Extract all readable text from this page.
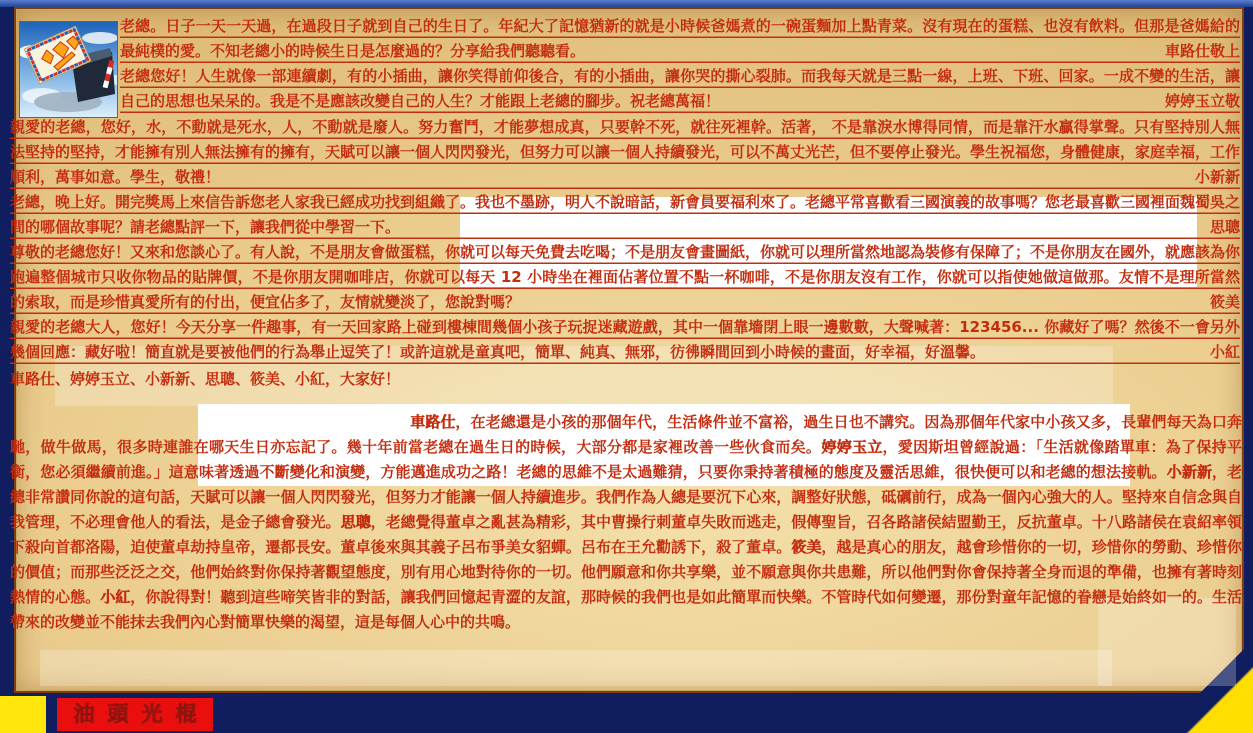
老總。日子一天一天過，在過段日子就到自己的生日了。年紀大了記憶猶新的就是小時候爸媽煮的一碗蛋麵加上點青菜。沒有現在的蛋糕、也沒有飲料。但那是爸媽給的最純樸的愛。不知老總小的時候生日是怎麼過的？分享給我們聽聽看。	車路仕敬上
老總您好！人生就像一部連續劇，有的小插曲，讓你笑得前仰後合，有的小插曲，讓你哭的撕心裂肺。而我每天就是三點一線，上班、下班、回家。一成不變的生活，讓自己的思想也呆呆的。我是不是應該改變自己的人生？才能跟上老總的腳步。祝老總萬福！	婷婷玉立敬
親愛的老總，您好，水，不動就是死水，人，不動就是廢人。努力奮鬥，才能夢想成真，只要幹不死，就往死裡幹。活著， 不是靠淚水博得同情，而是靠汗水贏得掌聲。只有堅持別人無法堅持的堅持，才能擁有別人無法擁有的擁有，天賦可以讓一個人閃閃發光，但努力可以讓一個人持續發光，可以不萬丈光芒，但不要停止發光。學生祝福您，身體健康，家庭幸福，工作順利，萬事如意。學生，敬禮！	小新新
老總，晚上好。開完獎馬上來信告訴您老人家我已經成功找到組織了。我也不墨跡，明人不說暗話，新會員要福利來了。老總平常喜歡看三國演義的故事嗎？您老最喜歡三國裡面魏蜀吳之間的哪個故事呢？請老總點評一下，讓我們從中學習一下。	思聰
尊敬的老總您好！又來和您談心了。有人說，不是朋友會做蛋糕，你就可以每天免費去吃喝；不是朋友會畫圖紙，你就可以理所當然地認為裝修有保障了；不是你朋友在國外，就應該為你跑遍整個城市只收你物品的貼牌價，不是你朋友開咖啡店，你就可以每天 12 小時坐在裡面佔著位置不點一杯咖啡，不是你朋友沒有工作，你就可以指使她做這做那。友情不是理所當然的索取，而是珍惜真愛所有的付出，便宜佔多了，友情就變淡了，您說對嗎？	筱美
親愛的老總大人，您好！今天分享一件趣事，有一天回家路上碰到樓棟間幾個小孩子玩捉迷藏遊戲，其中一個靠墻閉上眼一邊數數，大聲喊著：123456... 你藏好了嗎？然後不一會另外幾個回應：藏好啦！簡直就是要被他們的行為舉止逗笑了！或許這就是童真吧，簡單、純真、無邪，彷彿瞬間回到小時候的畫面，好幸福，好溫馨。	小紅
車路仕、婷婷玉立、小新新、思聰、筱美、小紅，大家好！
車路仕，在老總還是小孩的那個年代，生活條件並不富裕，過生日也不講究。因為那個年代家中小孩又多，長輩們每天為口奔馳，做牛做馬，很多時連誰在哪天生日亦忘記了。幾十年前當老總在過生日的時候，大部分都是家裡改善一些伙食而矣。婷婷玉立，愛因斯坦曾經說過：「生活就像踏單車：為了保持平衡，您必須繼續前進。」這意味著透過不斷變化和演變，方能邁進成功之路！老總的思維不是太過難猜，只要你秉持著積極的態度及靈活思維，很快便可以和老總的想法接軌。小新新，老總非常讚同你說的這句話，天賦可以讓一個人閃閃發光，但努力才能讓一個人持續進步。我們作為人總是要沉下心來，調整好狀態，砥礪前行，成為一個內心強大的人。堅持來自信念與自我管理，不必理會他人的看法，是金子總會發光。思聰，老總覺得董卓之亂甚為精彩，其中曹操行刺董卓失敗而逃走，假傳聖旨，召各路諸侯結盟勤王，反抗董卓。十八路諸侯在袁紹率領下殺向首都洛陽，迫使董卓劫持皇帝，遷都長安。董卓後來與其義子呂布爭美女貂蟬。呂布在王允勸誘下，殺了董卓。筱美，越是真心的朋友，越會珍惜你的一切，珍惜你的勞動、珍惜你的價值；而那些泛泛之交，他們始終對你保持著觀望態度，別有用心地對待你的一切。他們願意和你共享樂，並不願意與你共患難，所以他們對你會保持著全身而退的準備，也擁有著時刻熱情的心態。小紅，你說得對！聽到這些啼笑皆非的對話，讓我們回憶起青澀的友誼，那時候的我們也是如此簡單而快樂。不管時代如何變遷，那份對童年記憶的眷戀是始終如一的。生活帶來的改變並不能抹去我們內心對簡單快樂的渴望，這是每個人心中的共鳴。
油頭光棍
